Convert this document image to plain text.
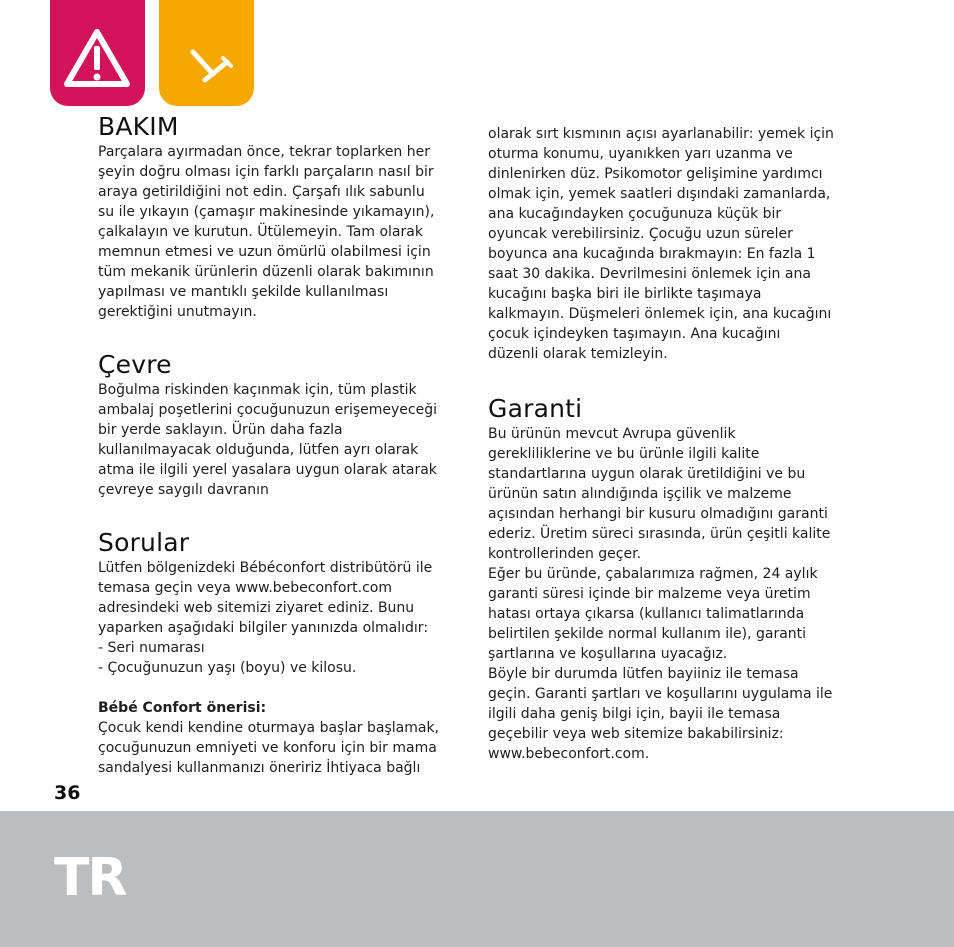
BAKIM

Parçalara ayırmadan önce, tekrar toplarken her
şeyin doğru olması için farklı parçaların nasıl bir
araya getirildiğini not edin. Çarşafı ılık sabunlu
su ile yıkayın (çamaşır makinesinde yıkamayın),
çalkalayın ve kurutun. Ütülemeyin. Tam olarak
memnun etmesi ve uzun ömürlü olabilmesi için
tüm mekanik ürünlerin düzenli olarak bakımının
yapılması ve mantıklı şekilde kullanılması
gerektiğini unutmayın.

Çevre

Boğulma riskinden kaçınmak için, tüm plastik
ambalaj poşetlerini çocuğunuzun erişemeyeceği
bir yerde saklayın. Ürün daha fazla
kullanılmayacak olduğunda, lütfen ayrı olarak
atma ile ilgili yerel yasalara uygun olarak atarak
çevreye saygılı davranın

Sorular

Lütfen bölgenizdeki Bébéconfort distribütörü ile
temasa geçin veya www.bebeconfort.com
adresindeki web sitemizi ziyaret ediniz. Bunu
yaparken aşağıdaki bilgiler yanınızda olmalıdır:
- Seri numarası
- Çocuğunuzun yaşı (boyu) ve kilosu.

Bébé Confort önerisi:

Çocuk kendi kendine oturmaya başlar başlamak,
çocuğunuzun emniyeti ve konforu için bir mama
sandalyesi kullanmanızı öneririz İhtiyaca bağlı

olarak sırt kısmının açısı ayarlanabilir: yemek için
oturma konumu, uyanıkken yarı uzanma ve
dinlenirken düz. Psikomotor gelişimine yardımcı
olmak için, yemek saatleri dışındaki zamanlarda,
ana kucağındayken çocuğunuza küçük bir
oyuncak verebilirsiniz. Çocuğu uzun süreler
boyunca ana kucağında bırakmayın: En fazla 1
saat 30 dakika. Devrilmesini önlemek için ana
kucağını başka biri ile birlikte taşımaya
kalkmayın. Düşmeleri önlemek için, ana kucağını
çocuk içindeyken taşımayın. Ana kucağını
düzenli olarak temizleyin.

Garanti

Bu ürünün mevcut Avrupa güvenlik
gerekliliklerine ve bu ürünle ilgili kalite
standartlarına uygun olarak üretildiğini ve bu
ürünün satın alındığında işçilik ve malzeme
açısından herhangi bir kusuru olmadığını garanti
ederiz. Üretim süreci sırasında, ürün çeşitli kalite
kontrollerinden geçer.
Eğer bu üründe, çabalarımıza rağmen, 24 aylık
garanti süresi içinde bir malzeme veya üretim
hatası ortaya çıkarsa (kullanıcı talimatlarında
belirtilen şekilde normal kullanım ile), garanti
şartlarına ve koşullarına uyacağız.
Böyle bir durumda lütfen bayiiniz ile temasa
geçin. Garanti şartları ve koşullarını uygulama ile
ilgili daha geniş bilgi için, bayii ile temasa
geçebilir veya web sitemize bakabilirsiniz:
www.bebeconfort.com.

36
TR
